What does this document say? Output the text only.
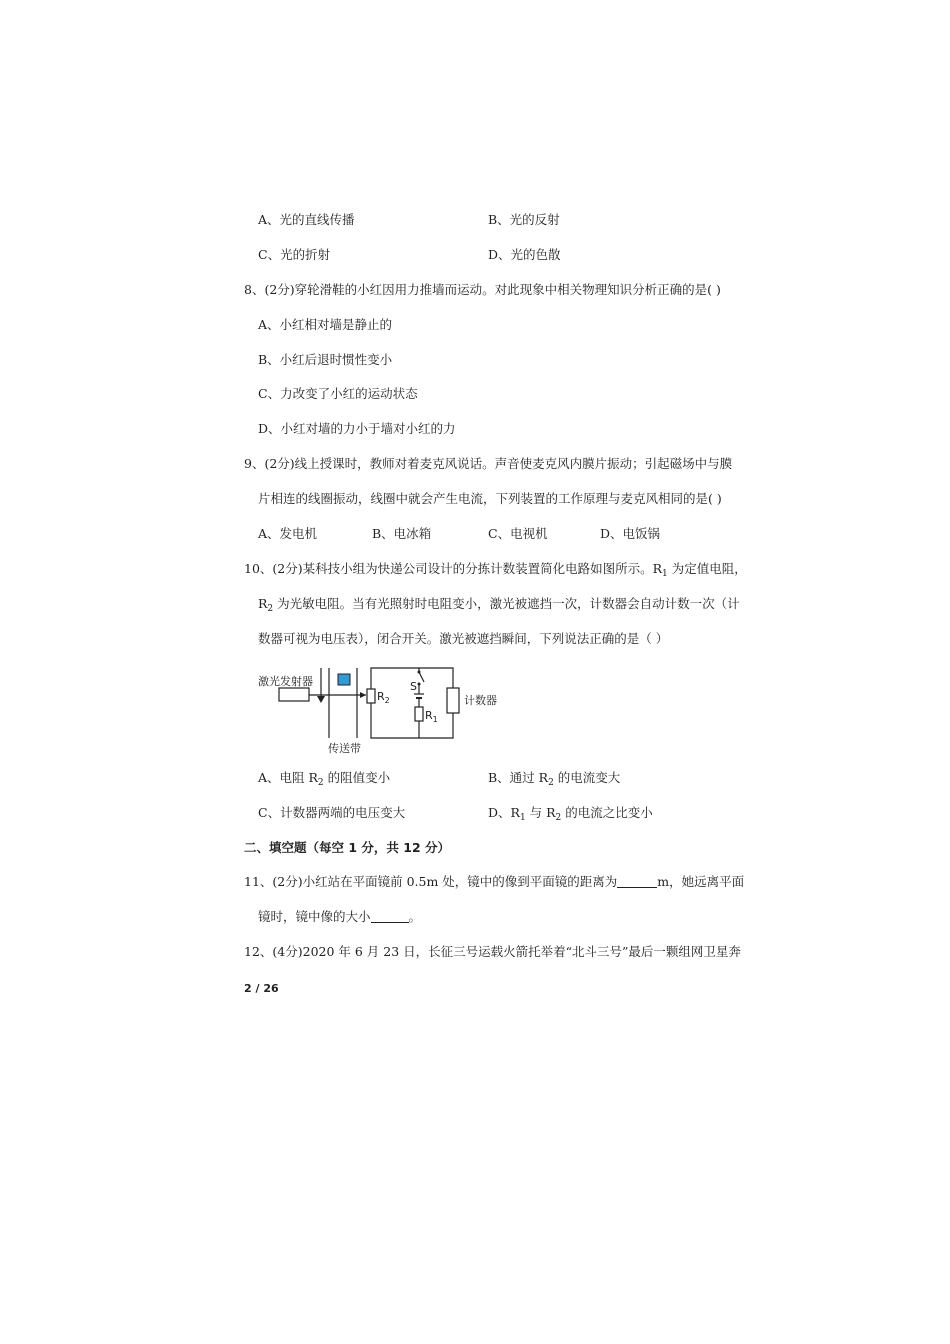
A、光的直线传播	B、光的反射
C、光的折射	D、光的色散
8、(2分)穿轮滑鞋的小红因用力推墙而运动。对此现象中相关物理知识分析正确的是( )
A、小红相对墙是静止的
B、小红后退时惯性变小
C、力改变了小红的运动状态
D、小红对墙的力小于墙对小红的力
9、(2分)线上授课时，教师对着麦克风说话。声音使麦克风内膜片振动；引起磁场中与膜
片相连的线圈振动，线圈中就会产生电流，下列装置的工作原理与麦克风相同的是( )
A、发电机	B、电冰箱	C、电视机	D、电饭锅
10、(2分)某科技小组为快递公司设计的分拣计数装置简化电路如图所示。$R_1$ 为定值电阻，
$R_2$ 为光敏电阻。当有光照射时电阻变小，激光被遮挡一次，计数器会自动计数一次（计
数器可视为电压表），闭合开关。激光被遮挡瞬间，下列说法正确的是（ ）
激光发射器
传送带
$R_2$
$R_1$
S
计数器
A、电阻 $R_2$ 的阻值变小	B、通过 $R_2$ 的电流变大
C、计数器两端的电压变大	D、$R_1$ 与 $R_2$ 的电流之比变小
二、填空题（每空 1 分，共 12 分）
11、(2分)小红站在平面镜前 0.5m 处，镜中的像到平面镜的距离为	m，她远离平面
镜时，镜中像的大小	。
12、(4分)2020 年 6 月 23 日，长征三号运载火箭托举着“北斗三号”最后一颗组网卫星奔
2 / 26
